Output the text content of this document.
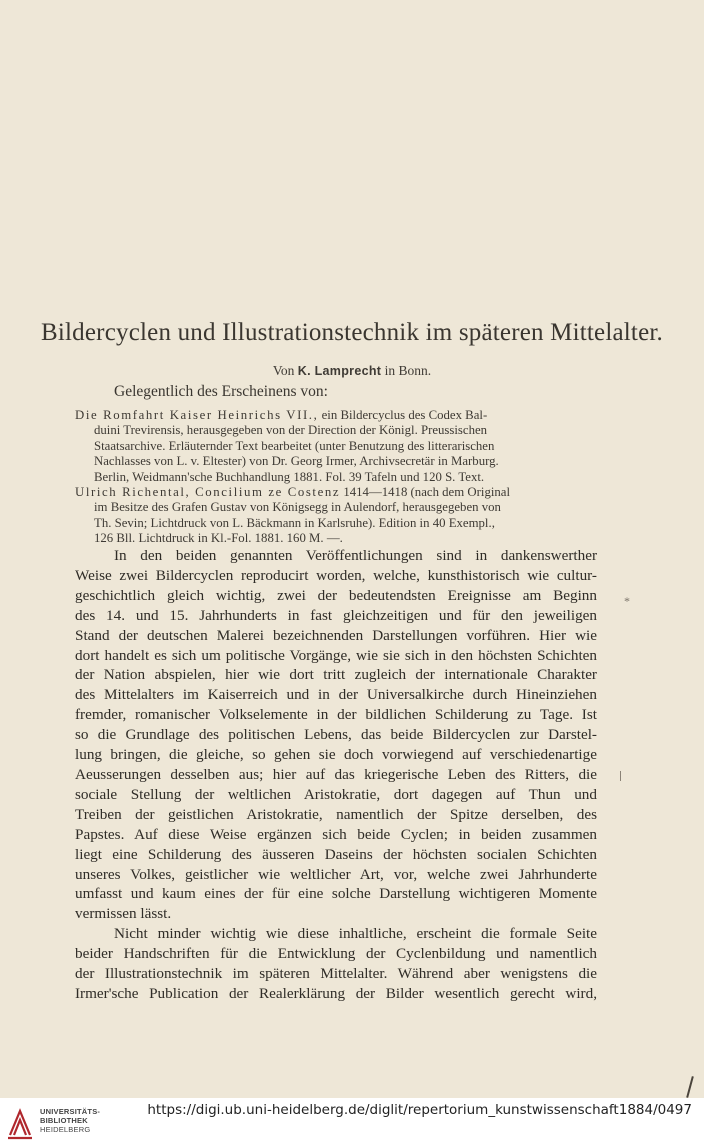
Bildercyclen und Illustrationstechnik im späteren Mittelalter.
Von K. Lamprecht in Bonn.
Gelegentlich des Erscheinens von:
Die Romfahrt Kaiser Heinrichs VII., ein Bildercyclus des Codex Bal-
duini Trevirensis, herausgegeben von der Direction der Königl. Preussischen
Staatsarchive. Erläuternder Text bearbeitet (unter Benutzung des litterarischen
Nachlasses von L. v. Eltester) von Dr. Georg Irmer, Archivsecretär in Marburg.
Berlin, Weidmann'sche Buchhandlung 1881. Fol. 39 Tafeln und 120 S. Text.
Ulrich Richental, Concilium ze Costenz 1414—1418 (nach dem Original
im Besitze des Grafen Gustav von Königsegg in Aulendorf, herausgegeben von
Th. Sevin; Lichtdruck von L. Bäckmann in Karlsruhe). Edition in 40 Exempl.,
126 Bll. Lichtdruck in Kl.-Fol. 1881. 160 M. —.
In den beiden genannten Veröffentlichungen sind in dankenswerther
Weise zwei Bildercyclen reproducirt worden, welche, kunsthistorisch wie cultur-
geschichtlich gleich wichtig, zwei der bedeutendsten Ereignisse am Beginn
des 14. und 15. Jahrhunderts in fast gleichzeitigen und für den jeweiligen
Stand der deutschen Malerei bezeichnenden Darstellungen vorführen. Hier wie
dort handelt es sich um politische Vorgänge, wie sie sich in den höchsten Schichten
der Nation abspielen, hier wie dort tritt zugleich der internationale Charakter
des Mittelalters im Kaiserreich und in der Universalkirche durch Hineinziehen
fremder, romanischer Volkselemente in der bildlichen Schilderung zu Tage. Ist
so die Grundlage des politischen Lebens, das beide Bildercyclen zur Darstel-
lung bringen, die gleiche, so gehen sie doch vorwiegend auf verschiedenartige
Aeusserungen desselben aus; hier auf das kriegerische Leben des Ritters, die
sociale Stellung der weltlichen Aristokratie, dort dagegen auf Thun und
Treiben der geistlichen Aristokratie, namentlich der Spitze derselben, des
Papstes. Auf diese Weise ergänzen sich beide Cyclen; in beiden zusammen
liegt eine Schilderung des äusseren Daseins der höchsten socialen Schichten
unseres Volkes, geistlicher wie weltlicher Art, vor, welche zwei Jahrhunderte
umfasst und kaum eines der für eine solche Darstellung wichtigeren Momente
vermissen lässt.
Nicht minder wichtig wie diese inhaltliche, erscheint die formale Seite
beider Handschriften für die Entwicklung der Cyclenbildung und namentlich
der Illustrationstechnik im späteren Mittelalter. Während aber wenigstens die
Irmer'sche Publication der Realerklärung der Bilder wesentlich gerecht wird,
*
UNIVERSITÄTS-
BIBLIOTHEK
HEIDELBERG
https://digi.ub.uni-heidelberg.de/diglit/repertorium_kunstwissenschaft1884/0497
